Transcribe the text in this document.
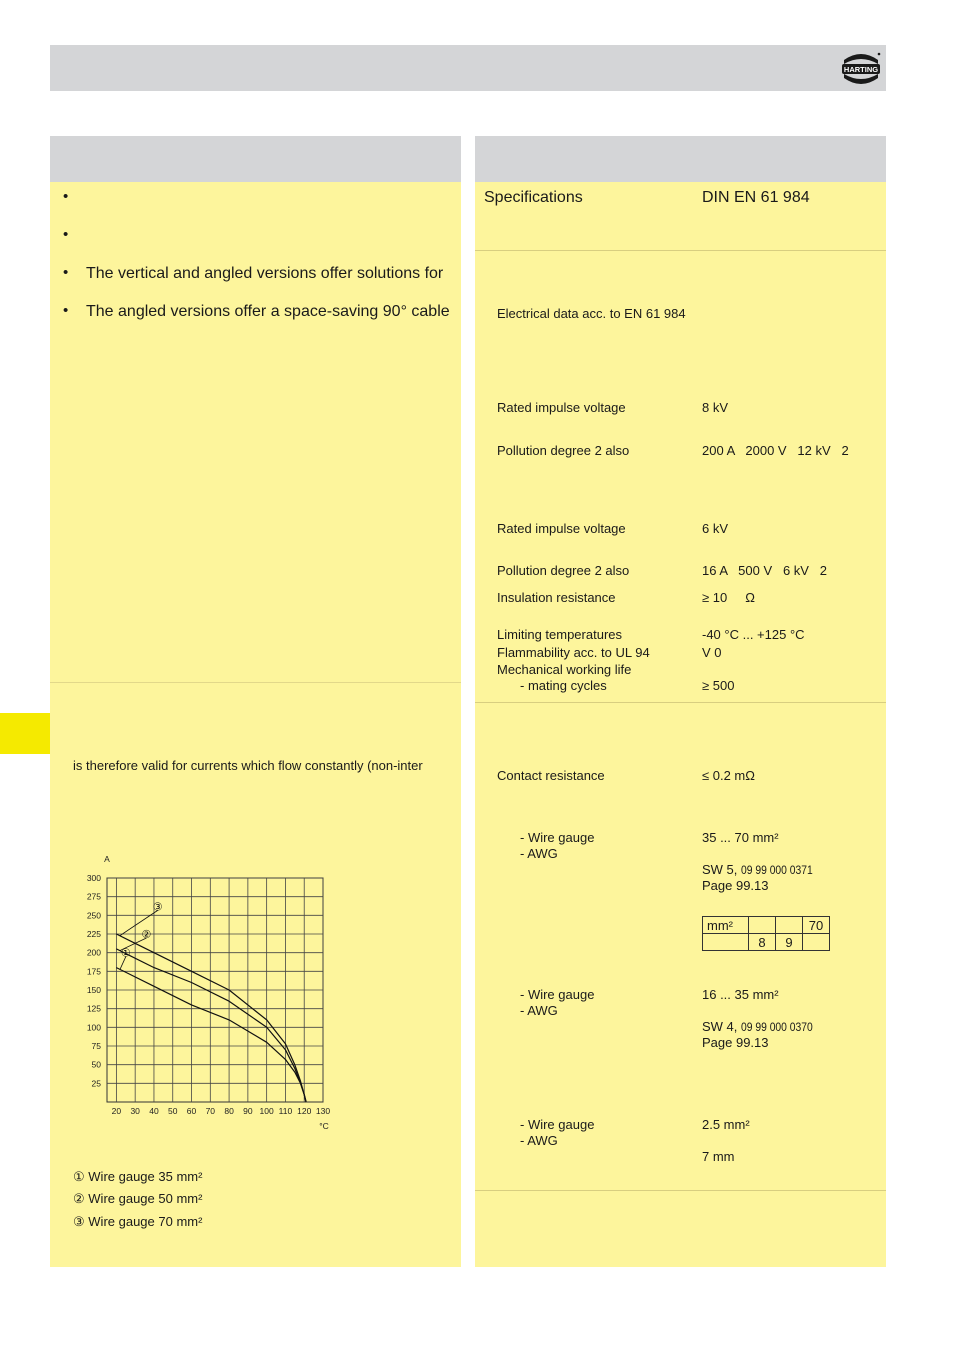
HARTING
•
•
• The vertical and angled versions offer solutions for
• The angled versions offer a space-saving 90° cable
is therefore valid for currents which flow constantly (non-inter
20 30 40 50 60 70 80 90 100 110 120 130
25
50
75
100
125
150
175
200
225
250
275
300
A
°C
①
②
③
① Wire gauge 35 mm²
② Wire gauge 50 mm²
③ Wire gauge 70 mm²
Specifications	DIN EN 61 984
Electrical data acc. to EN 61 984
Rated impulse voltage	8 kV
Pollution degree 2 also	200 A   2000 V   12 kV   2
Rated impulse voltage	6 kV
Pollution degree 2 also	16 A   500 V   6 kV   2
Insulation resistance	≥ 10     Ω
Limiting temperatures	-40 °C ... +125 °C
Flammability acc. to UL 94	V 0
Mechanical working life
- mating cycles	≥ 500
Contact resistance	≤ 0.2 mΩ
- Wire gauge	35 ... 70 mm²
- AWG
SW 5, 09 99 000 0371
Page 99.13
mm²			70
	8	9	
- Wire gauge	16 ... 35 mm²
- AWG
SW 4, 09 99 000 0370
Page 99.13
- Wire gauge	2.5 mm²
- AWG
7 mm
